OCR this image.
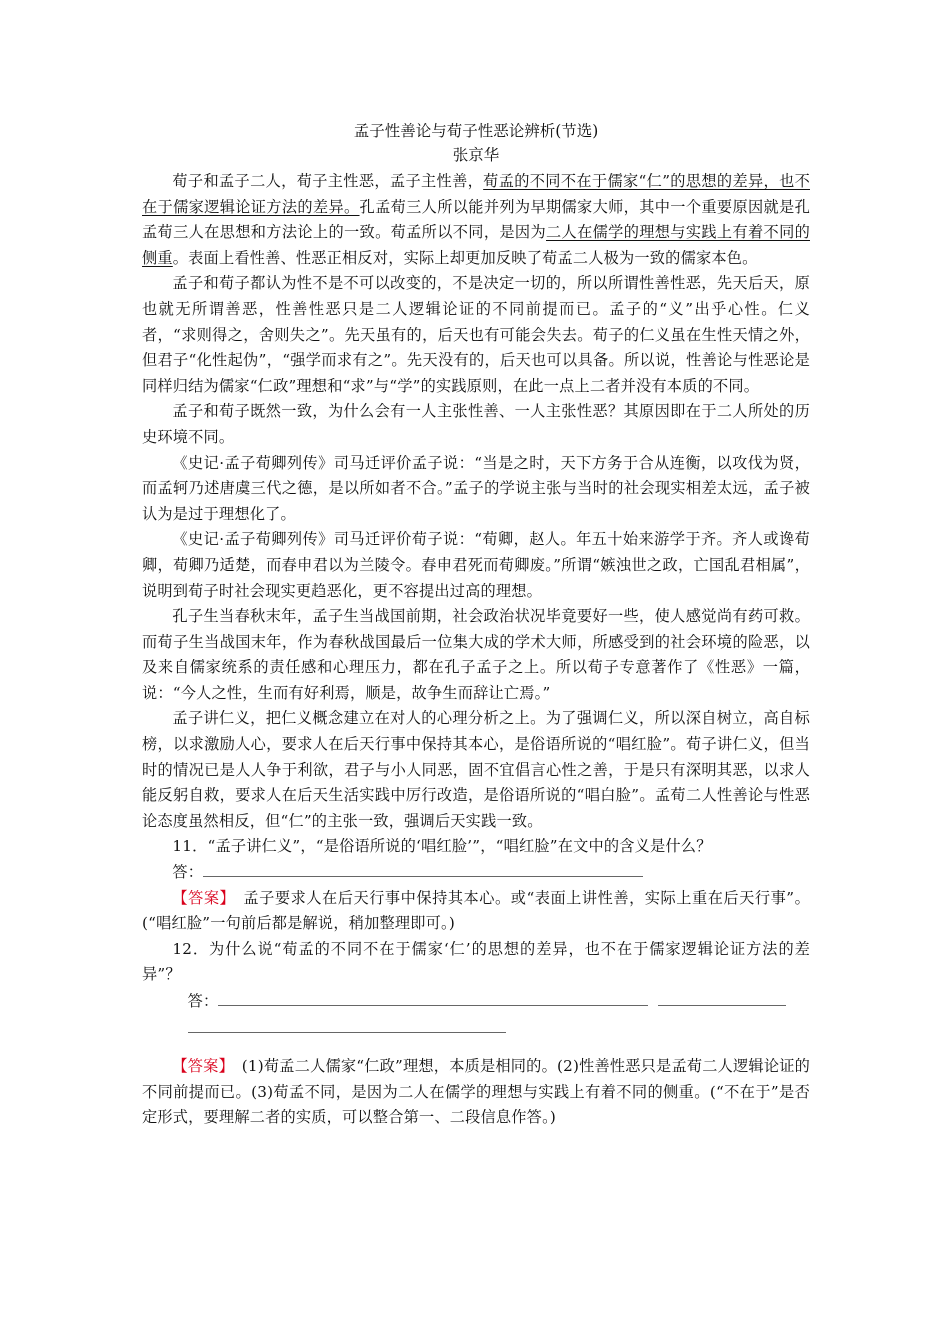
孟子性善论与荀子性恶论辨析(节选)
张京华

荀子和孟子二人，荀子主性恶，孟子主性善，荀孟的不同不在于儒家“仁”的思想的差异，也不在于儒家逻辑论证方法的差异。孔孟荀三人所以能并列为早期儒家大师，其中一个重要原因就是孔孟荀三人在思想和方法论上的一致。荀孟所以不同，是因为二人在儒学的理想与实践上有着不同的侧重。表面上看性善、性恶正相反对，实际上却更加反映了荀孟二人极为一致的儒家本色。

孟子和荀子都认为性不是不可以改变的，不是决定一切的，所以所谓性善性恶，先天后天，原也就无所谓善恶，性善性恶只是二人逻辑论证的不同前提而已。孟子的“义”出乎心性。仁义者，“求则得之，舍则失之”。先天虽有的，后天也有可能会失去。荀子的仁义虽在生性天情之外，但君子“化性起伪”，“强学而求有之”。先天没有的，后天也可以具备。所以说，性善论与性恶论是同样归结为儒家“仁政”理想和“求”与“学”的实践原则，在此一点上二者并没有本质的不同。

孟子和荀子既然一致，为什么会有一人主张性善、一人主张性恶？其原因即在于二人所处的历史环境不同。

《史记·孟子荀卿列传》司马迁评价孟子说：“当是之时，天下方务于合从连衡，以攻伐为贤，而孟轲乃述唐虞三代之德，是以所如者不合。”孟子的学说主张与当时的社会现实相差太远，孟子被认为是过于理想化了。

《史记·孟子荀卿列传》司马迁评价荀子说：“荀卿，赵人。年五十始来游学于齐。齐人或谗荀卿，荀卿乃适楚，而春申君以为兰陵令。春申君死而荀卿废。”所谓“嫉浊世之政，亡国乱君相属”，说明到荀子时社会现实更趋恶化，更不容提出过高的理想。

孔子生当春秋末年，孟子生当战国前期，社会政治状况毕竟要好一些，使人感觉尚有药可救。而荀子生当战国末年，作为春秋战国最后一位集大成的学术大师，所感受到的社会环境的险恶，以及来自儒家统系的责任感和心理压力，都在孔子孟子之上。所以荀子专意著作了《性恶》一篇，说：“今人之性，生而有好利焉，顺是，故争生而辞让亡焉。”

孟子讲仁义，把仁义概念建立在对人的心理分析之上。为了强调仁义，所以深自树立，高自标榜，以求激励人心，要求人在后天行事中保持其本心，是俗语所说的“唱红脸”。荀子讲仁义，但当时的情况已是人人争于利欲，君子与小人同恶，固不宜倡言心性之善，于是只有深明其恶，以求人能反躬自救，要求人在后天生活实践中厉行改造，是俗语所说的“唱白脸”。孟荀二人性善论与性恶论态度虽然相反，但“仁”的主张一致，强调后天实践一致。

11．“孟子讲仁义”，“是俗语所说的‘唱红脸’”，“唱红脸”在文中的含义是什么？

答：

【答案】　 孟子要求人在后天行事中保持其本心。或“表面上讲性善，实际上重在后天行事”。(“唱红脸”一句前后都是解说，稍加整理即可。)

12．为什么说“荀孟的不同不在于儒家‘仁’的思想的差异，也不在于儒家逻辑论证方法的差异”？

答：

【答案】　 (1)荀孟二人儒家“仁政”理想，本质是相同的。(2)性善性恶只是孟荀二人逻辑论证的不同前提而已。(3)荀孟不同，是因为二人在儒学的理想与实践上有着不同的侧重。(“不在于”是否定形式，要理解二者的实质，可以整合第一、二段信息作答。)
